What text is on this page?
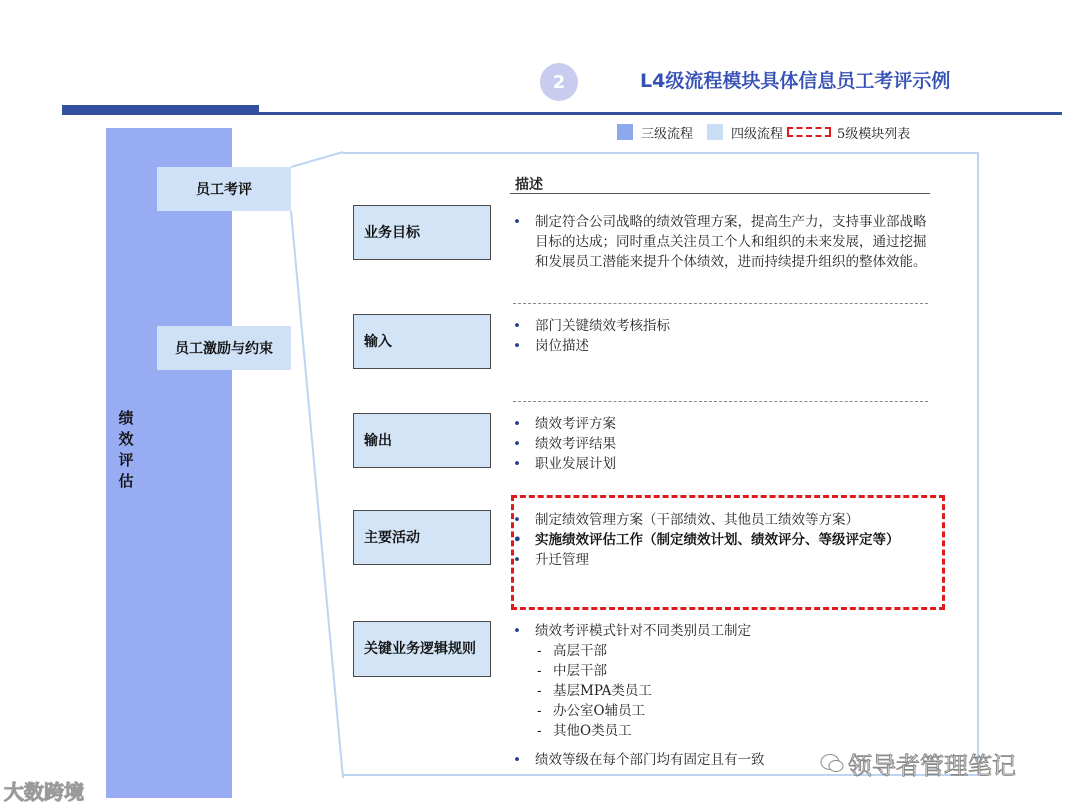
2	L4级流程模块具体信息员工考评示例
三级流程	四级流程	5级模块列表
绩效评估
员工考评
员工激励与约束
描述
业务目标
• 制定符合公司战略的绩效管理方案，提高生产力，支持事业部战略目标的达成；同时重点关注员工个人和组织的未来发展，通过挖掘和发展员工潜能来提升个体绩效，进而持续提升组织的整体效能。
输入
• 部门关键绩效考核指标
• 岗位描述
输出
• 绩效考评方案
• 绩效考评结果
• 职业发展计划
主要活动
• 制定绩效管理方案（干部绩效、其他员工绩效等方案）
• 实施绩效评估工作（制定绩效计划、绩效评分、等级评定等）
• 升迁管理
关键业务逻辑规则
• 绩效考评模式针对不同类别员工制定
- 高层干部
- 中层干部
- 基层MPA类员工
- 办公室O辅员工
- 其他O类员工
• 绩效等级在每个部门均有固定且有一致
大数跨境
领导者管理笔记
